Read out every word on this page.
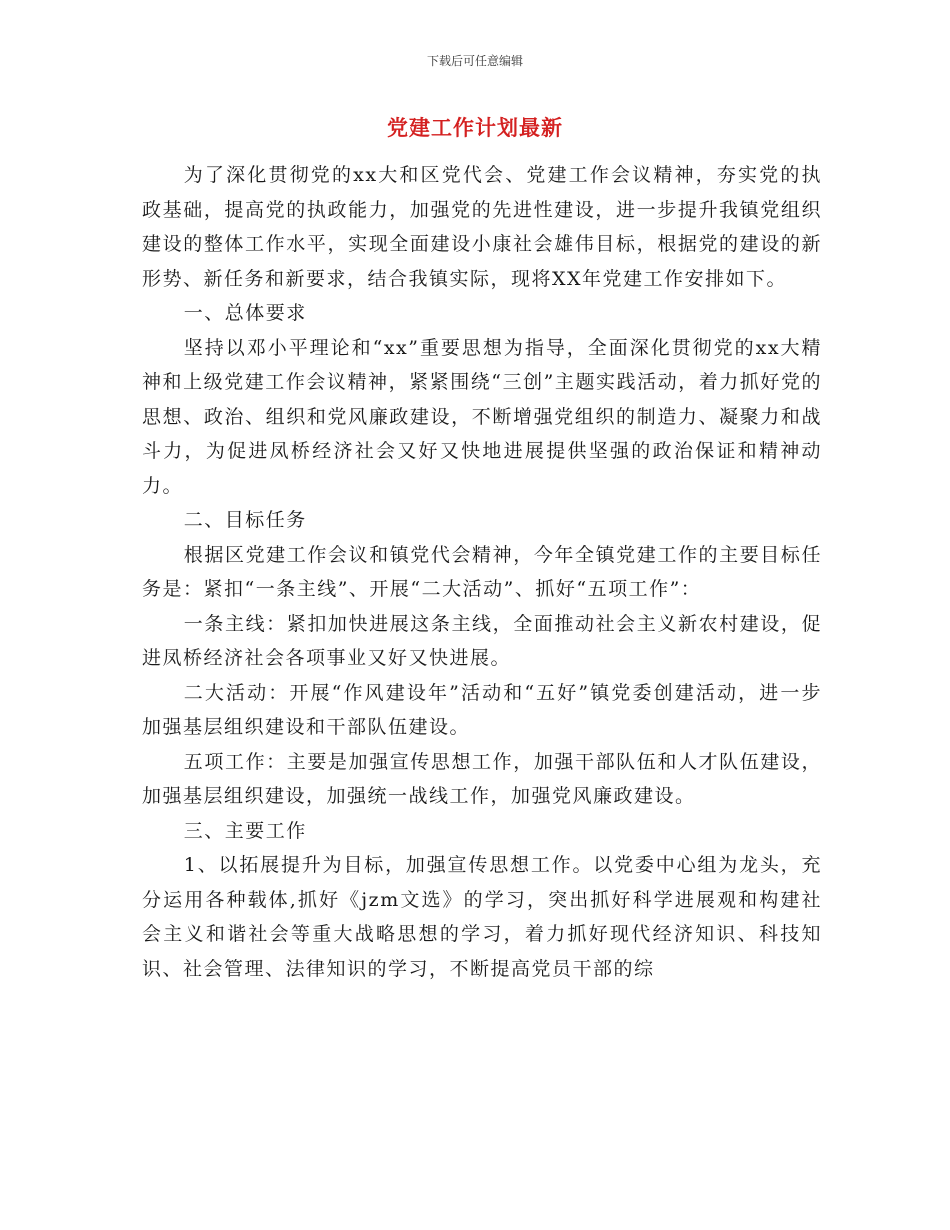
下载后可任意编辑
党建工作计划最新

为了深化贯彻党的xx大和区党代会、党建工作会议精神，夯实党的执政基础，提高党的执政能力，加强党的先进性建设，进一步提升我镇党组织建设的整体工作水平，实现全面建设小康社会雄伟目标，根据党的建设的新形势、新任务和新要求，结合我镇实际，现将XX年党建工作安排如下。

一、总体要求

坚持以邓小平理论和“xx”重要思想为指导，全面深化贯彻党的xx大精神和上级党建工作会议精神，紧紧围绕“三创”主题实践活动，着力抓好党的思想、政治、组织和党风廉政建设，不断增强党组织的制造力、凝聚力和战斗力，为促进凤桥经济社会又好又快地进展提供坚强的政治保证和精神动力。

二、目标任务

根据区党建工作会议和镇党代会精神，今年全镇党建工作的主要目标任务是：紧扣“一条主线”、开展“二大活动”、抓好“五项工作”：

一条主线：紧扣加快进展这条主线，全面推动社会主义新农村建设，促进凤桥经济社会各项事业又好又快进展。

二大活动：开展“作风建设年”活动和“五好”镇党委创建活动，进一步加强基层组织建设和干部队伍建设。

五项工作：主要是加强宣传思想工作，加强干部队伍和人才队伍建设，加强基层组织建设，加强统一战线工作，加强党风廉政建设。

三、主要工作

1、以拓展提升为目标，加强宣传思想工作。以党委中心组为龙头，充分运用各种载体,抓好《jzm文选》的学习，突出抓好科学进展观和构建社会主义和谐社会等重大战略思想的学习，着力抓好现代经济知识、科技知识、社会管理、法律知识的学习，不断提高党员干部的综
